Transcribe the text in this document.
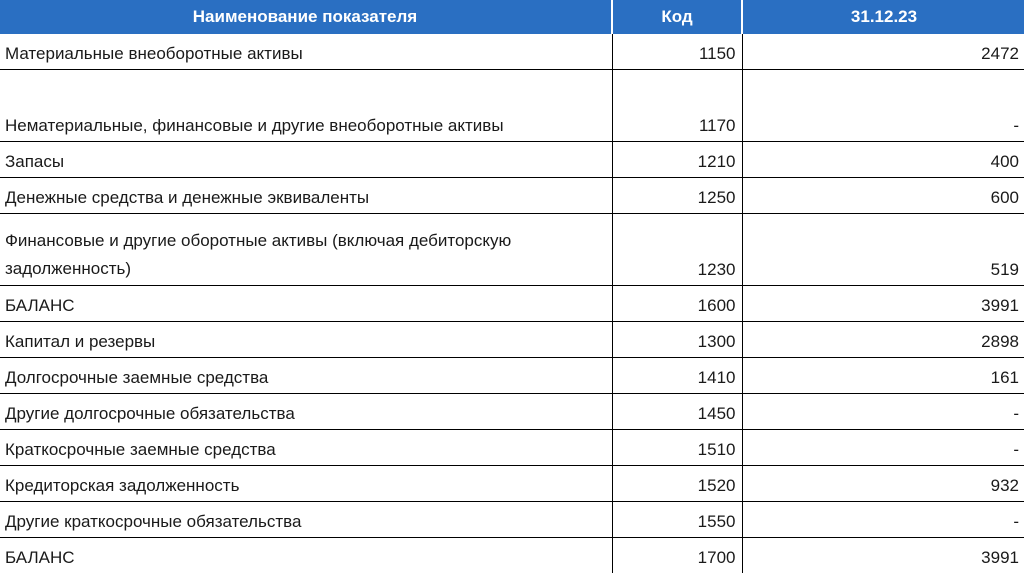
Наименование показателя	Код	31.12.23
Материальные внеоборотные активы	1150	2472
Нематериальные, финансовые и другие внеоборотные активы	1170	-
Запасы	1210	400
Денежные средства и денежные эквиваленты	1250	600
Финансовые и другие оборотные активы (включая дебиторскую задолженность)	1230	519
БАЛАНС	1600	3991
Капитал и резервы	1300	2898
Долгосрочные заемные средства	1410	161
Другие долгосрочные обязательства	1450	-
Краткосрочные заемные средства	1510	-
Кредиторская задолженность	1520	932
Другие краткосрочные обязательства	1550	-
БАЛАНС	1700	3991
